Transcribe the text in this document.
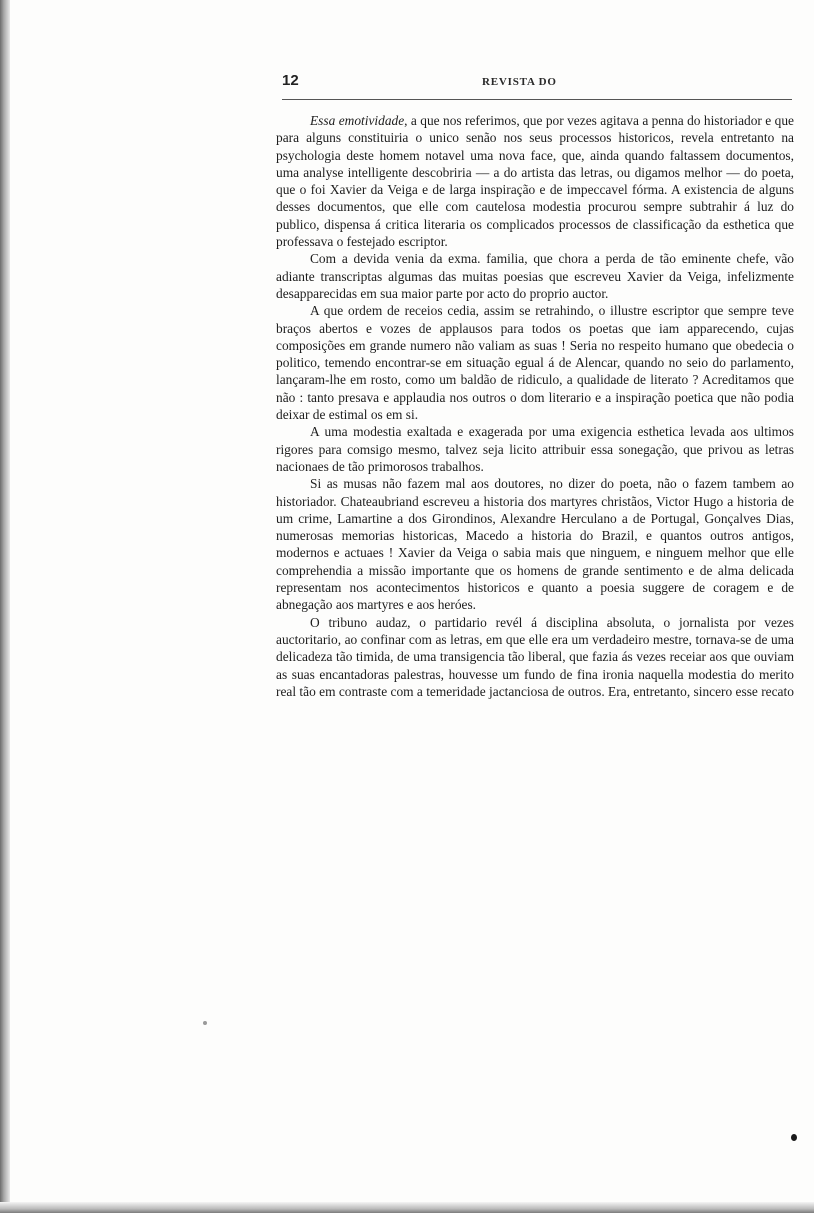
12	REVISTA DO

Essa emotividade, a que nos referimos, que por vezes agitava a penna do historiador e que para alguns constituiria o unico senão nos seus processos historicos, revela entretanto na psychologia deste homem notavel uma nova face, que, ainda quando faltassem documentos, uma analyse intelligente descobriria — a do artista das letras, ou digamos melhor — do poeta, que o foi Xavier da Veiga e de larga inspiração e de impeccavel fórma. A existencia de alguns desses documentos, que elle com cautelosa modestia procurou sempre subtrahir á luz do publico, dispensa á critica literaria os complicados processos de classificação da esthetica que professava o festejado escriptor.

Com a devida venia da exma. familia, que chora a perda de tão eminente chefe, vão adiante transcriptas algumas das muitas poesias que escreveu Xavier da Veiga, infelizmente desapparecidas em sua maior parte por acto do proprio auctor.

A que ordem de receios cedia, assim se retrahindo, o illustre escriptor que sempre teve braços abertos e vozes de applausos para todos os poetas que iam apparecendo, cujas composições em grande numero não valiam as suas ! Seria no respeito humano que obedecia o politico, temendo encontrar-se em situação egual á de Alencar, quando no seio do parlamento, lançaram-lhe em rosto, como um baldão de ridiculo, a qualidade de literato ? Acreditamos que não : tanto presava e applaudia nos outros o dom literario e a inspiração poetica que não podia deixar de estimal os em si.

A uma modestia exaltada e exagerada por uma exigencia esthetica levada aos ultimos rigores para comsigo mesmo, talvez seja licito attribuir essa sonegação, que privou as letras nacionaes de tão primorosos trabalhos.

Si as musas não fazem mal aos doutores, no dizer do poeta, não o fazem tambem ao historiador. Chateaubriand escreveu a historia dos martyres christãos, Victor Hugo a historia de um crime, Lamartine a dos Girondinos, Alexandre Herculano a de Portugal, Gonçalves Dias, numerosas memorias historicas, Macedo a historia do Brazil, e quantos outros antigos, modernos e actuaes ! Xavier da Veiga o sabia mais que ninguem, e ninguem melhor que elle comprehendia a missão importante que os homens de grande sentimento e de alma delicada representam nos acontecimentos historicos e quanto a poesia suggere de coragem e de abnegação aos martyres e aos heróes.

O tribuno audaz, o partidario revél á disciplina absoluta, o jornalista por vezes auctoritario, ao confinar com as letras, em que elle era um verdadeiro mestre, tornava-se de uma delicadeza tão timida, de uma transigencia tão liberal, que fazia ás vezes receiar aos que ouviam as suas encantadoras palestras, houvesse um fundo de fina ironia naquella modestia do merito real tão em contraste com a temeridade jactanciosa de outros. Era, entretanto, sincero esse recato
